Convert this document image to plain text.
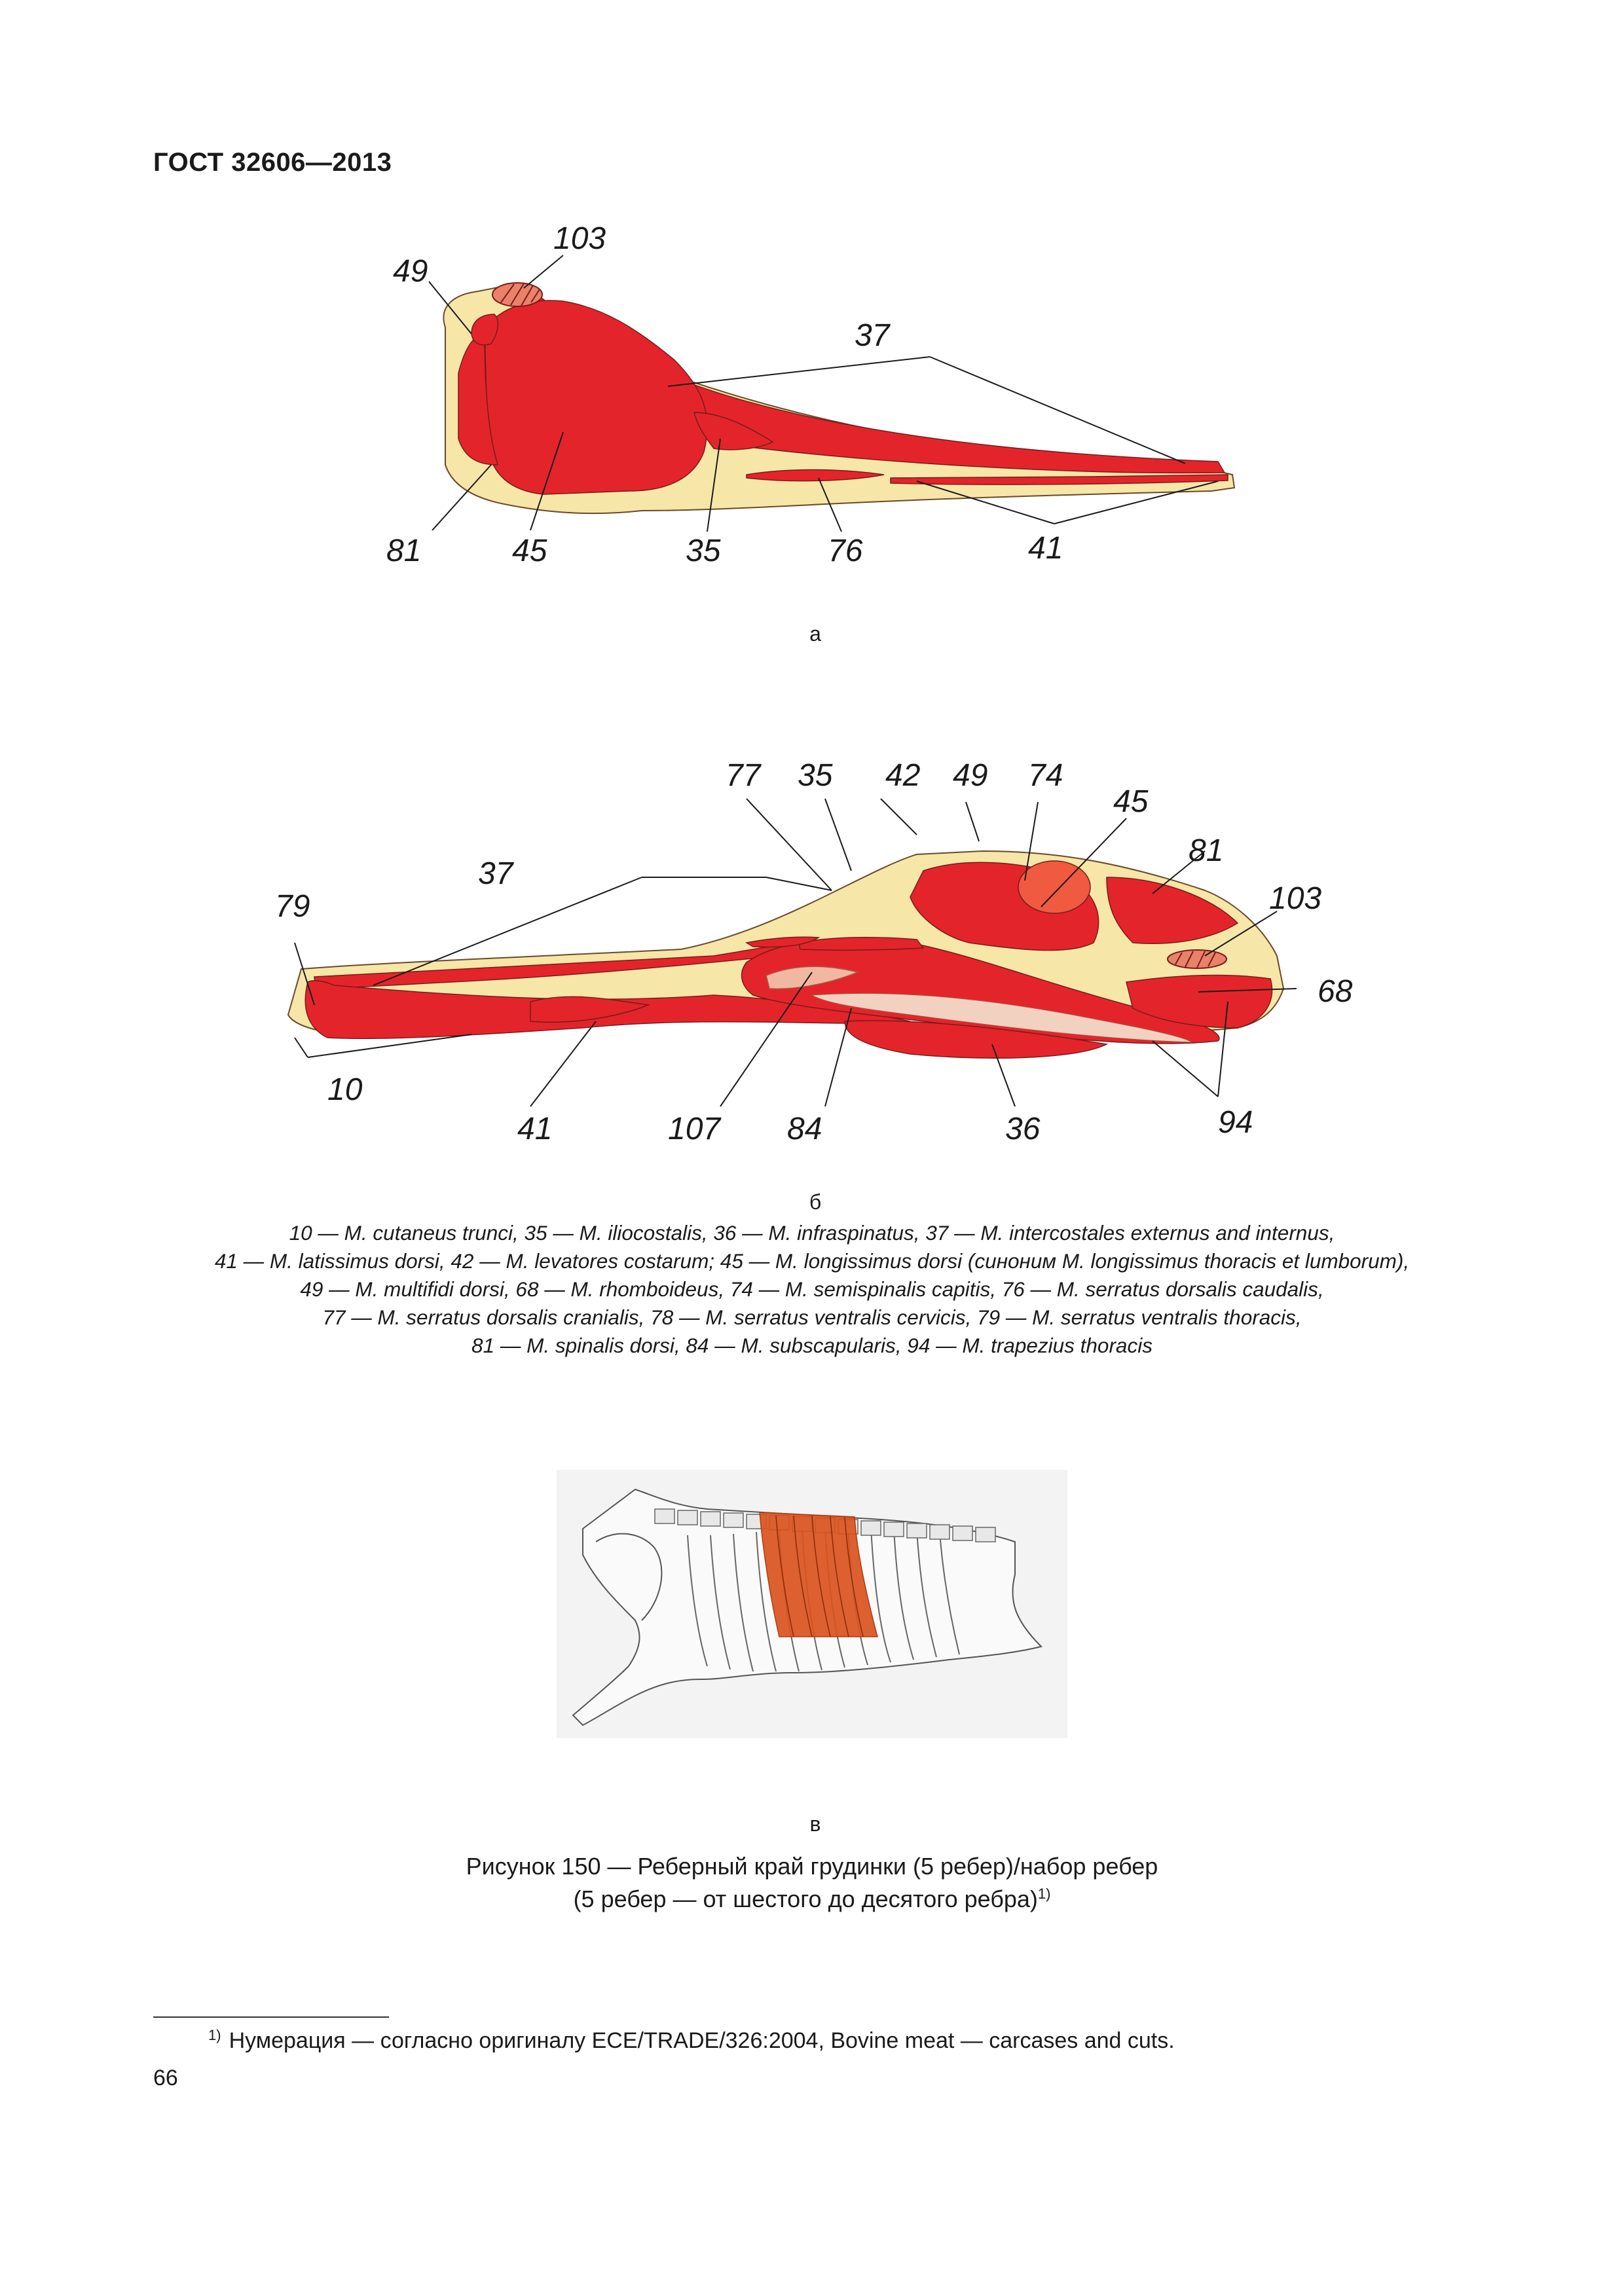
ГОСТ 32606—2013
49
103
37
81	45	35	76	41
а
77 35 42 49 74
45
81
103
68
37
79
10
41	107 84	36	94
б
10 — M. cutaneus trunci, 35 — M. iliocostalis, 36 — M. infraspinatus, 37 — M. intercostales externus and internus,
41 — M. latissimus dorsi, 42 — M. levatores costarum; 45 — M. longissimus dorsi (синоним M. longissimus thoracis et lumborum),
49 — M. multifidi dorsi, 68 — M. rhomboideus, 74 — M. semispinalis capitis, 76 — M. serratus dorsalis caudalis,
77 — M. serratus dorsalis cranialis, 78 — M. serratus ventralis cervicis, 79 — M. serratus ventralis thoracis,
81 — M. spinalis dorsi, 84 — M. subscapularis, 94 — M. trapezius thoracis
в
Рисунок 150 — Реберный край грудинки (5 ребер)/набор ребер
(5 ребер — от шестого до десятого ребра)$^{1)}$
$^{1)}$ Нумерация — согласно оригиналу ECE/TRADE/326:2004, Bovine meat — carcases and cuts.
66
